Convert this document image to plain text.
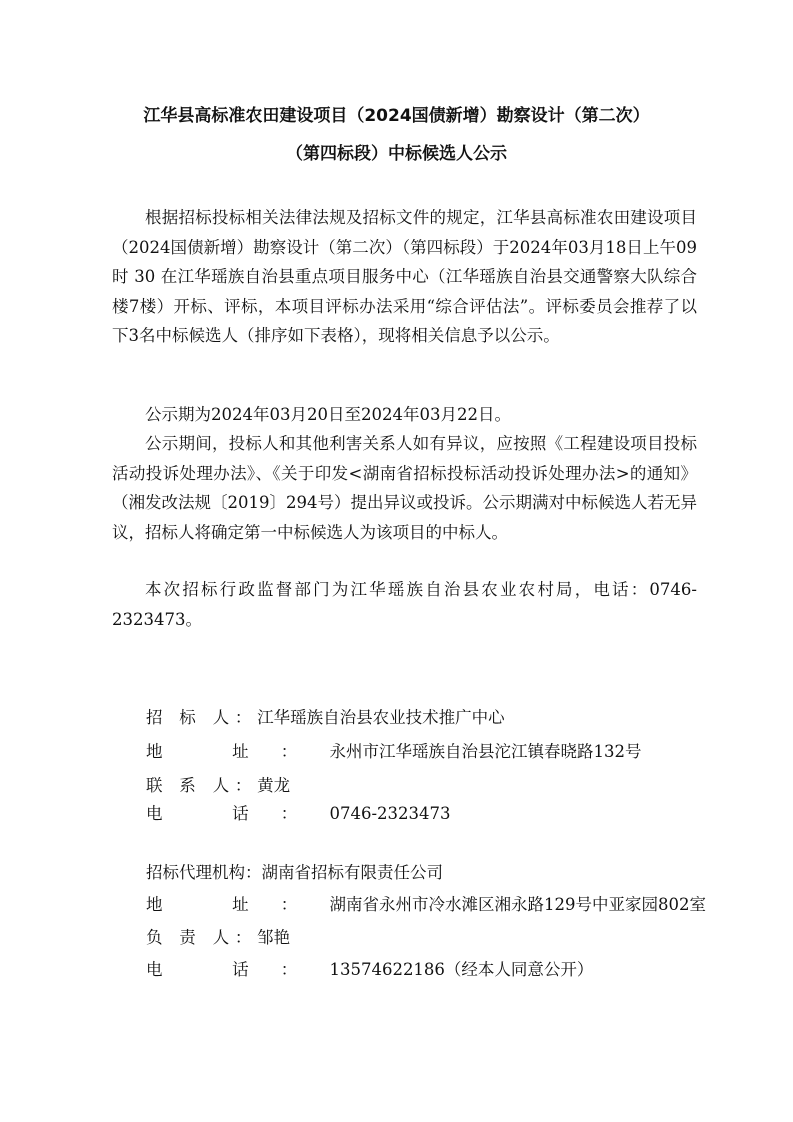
江华县高标准农田建设项目（2024国债新增）勘察设计（第二次）
（第四标段）中标候选人公示

根据招标投标相关法律法规及招标文件的规定，江华县高标准农田建设项目（2024国债新增）勘察设计（第二次）（第四标段）于2024年03月18日上午09 时 30 在江华瑶族自治县重点项目服务中心（江华瑶族自治县交通警察大队综合楼7楼）开标、评标，本项目评标办法采用“综合评估法”。评标委员会推荐了以下3名中标候选人（排序如下表格），现将相关信息予以公示。

公示期为2024年03月20日至2024年03月22日。

公示期间，投标人和其他利害关系人如有异议，应按照《工程建设项目投标活动投诉处理办法》、《关于印发<湖南省招标投标活动投诉处理办法>的通知》（湘发改法规〔2019〕294号）提出异议或投诉。公示期满对中标候选人若无异议，招标人将确定第一中标候选人为该项目的中标人。

本次招标行政监督部门为江华瑶族自治县农业农村局，电话：0746-2323473。

招 标 人：江华瑶族自治县农业技术推广中心
地 址：永州市江华瑶族自治县沱江镇春晓路132号
联 系 人：黄龙
电 话：0746-2323473
招标代理机构：湖南省招标有限责任公司
地 址：湖南省永州市冷水滩区湘永路129号中亚家园802室
负 责 人：邹艳
电 话：13574622186（经本人同意公开）
